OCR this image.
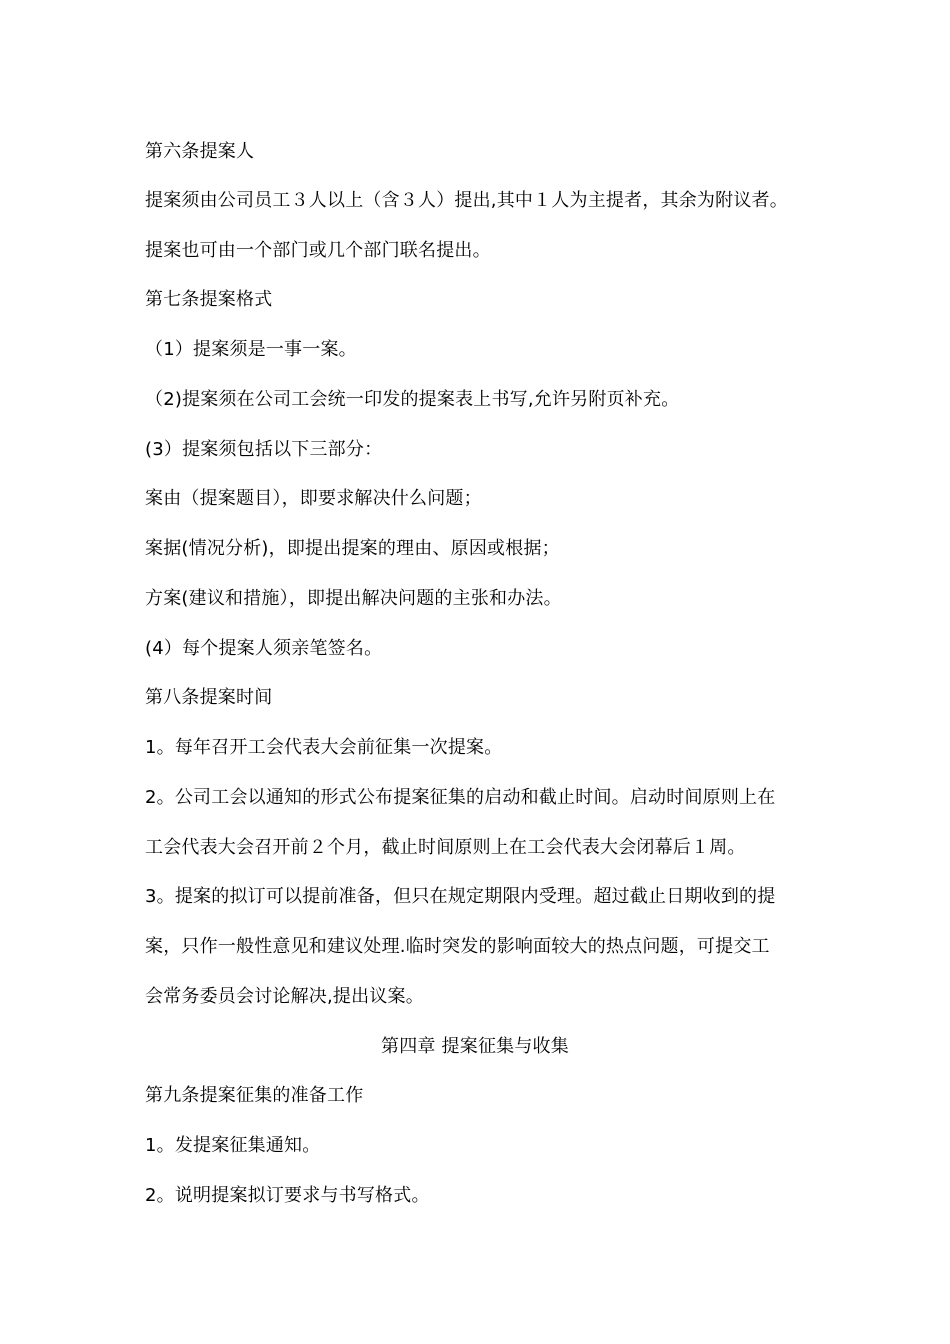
第六条提案人
提案须由公司员工３人以上（含３人）提出,其中１人为主提者，其余为附议者。
提案也可由一个部门或几个部门联名提出。
第七条提案格式
（1）提案须是一事一案。
（2)提案须在公司工会统一印发的提案表上书写,允许另附页补充。
(3）提案须包括以下三部分：
案由（提案题目），即要求解决什么问题；
案据(情况分析)，即提出提案的理由、原因或根据；
方案(建议和措施），即提出解决问题的主张和办法。
(4）每个提案人须亲笔签名。
第八条提案时间
1。每年召开工会代表大会前征集一次提案。
2。公司工会以通知的形式公布提案征集的启动和截止时间。启动时间原则上在
工会代表大会召开前２个月，截止时间原则上在工会代表大会闭幕后１周。
3。提案的拟订可以提前准备，但只在规定期限内受理。超过截止日期收到的提
案，只作一般性意见和建议处理.临时突发的影响面较大的热点问题，可提交工
会常务委员会讨论解决,提出议案。
第四章 提案征集与收集
第九条提案征集的准备工作
1。发提案征集通知。
2。说明提案拟订要求与书写格式。
